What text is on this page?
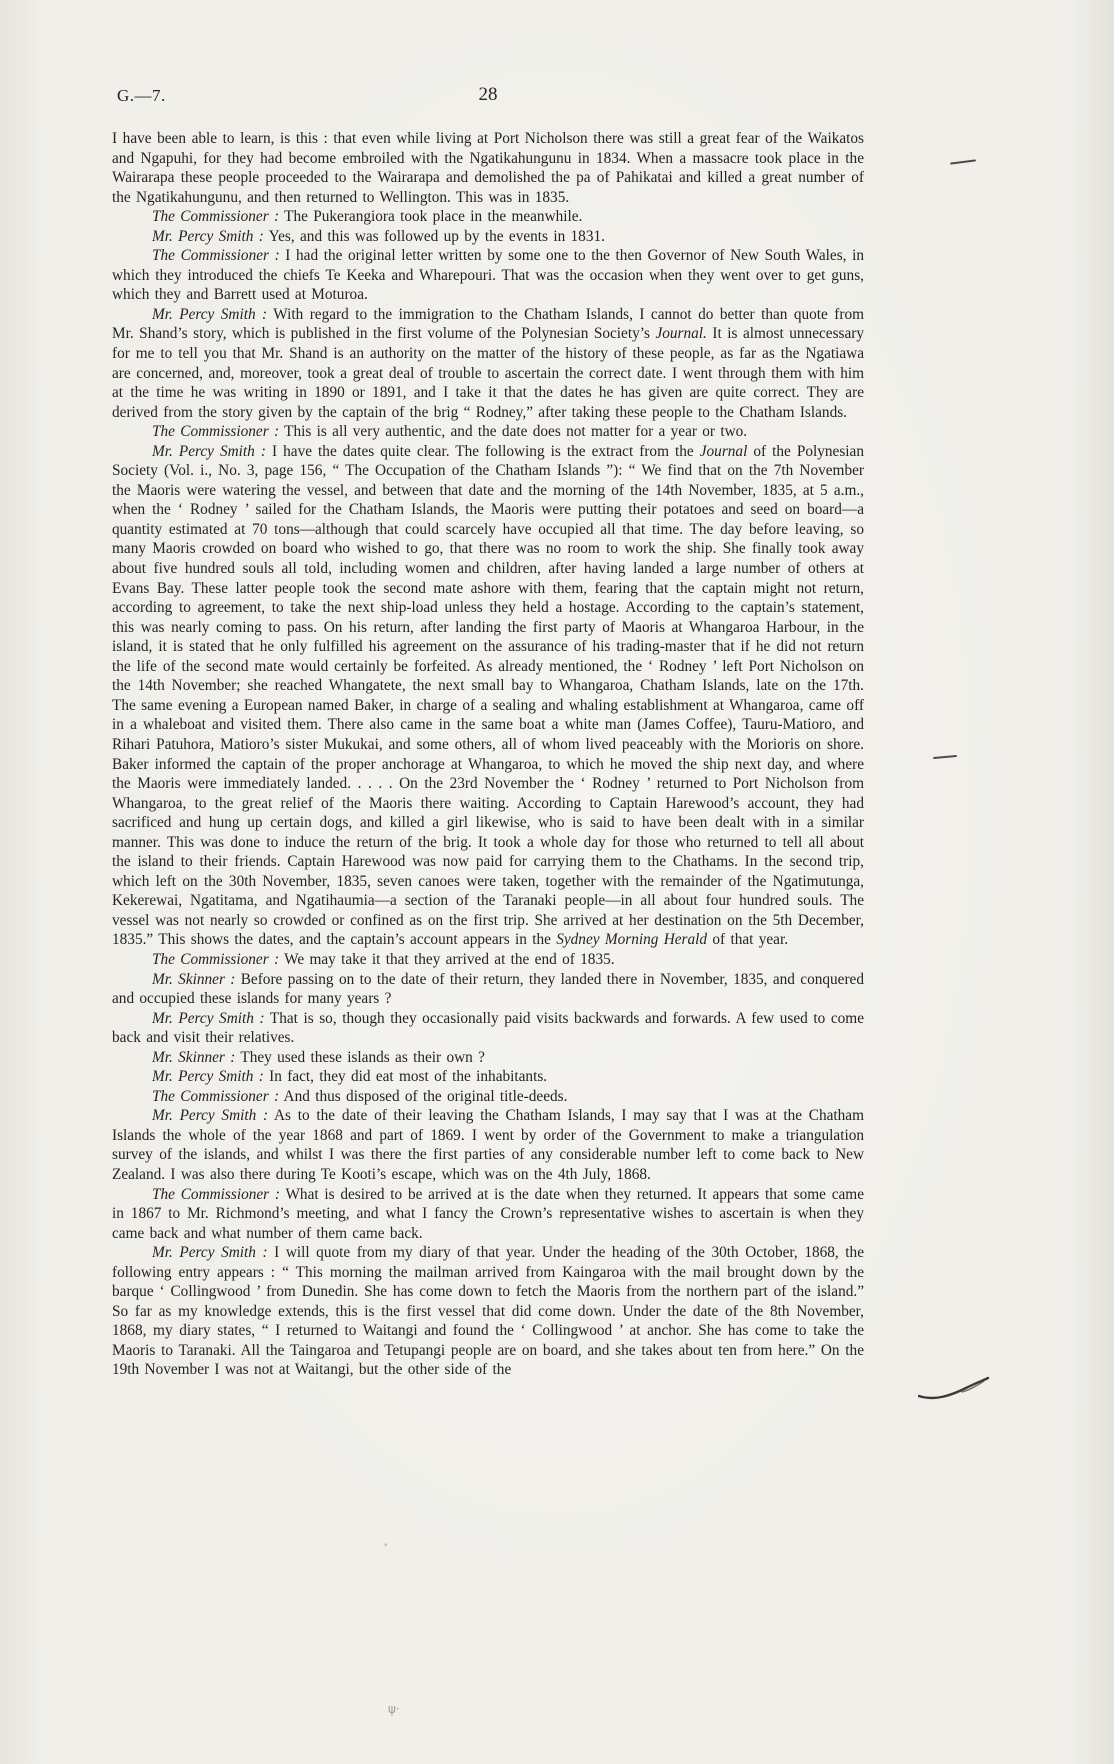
G.—7.	28

I have been able to learn, is this : that even while living at Port Nicholson there was still a great fear of the Waikatos and Ngapuhi, for they had become embroiled with the Ngatikahungunu in 1834. When a massacre took place in the Wairarapa these people proceeded to the Wairarapa and demolished the pa of Pahikatai and killed a great number of the Ngatikahungunu, and then returned to Wellington. This was in 1835.

The Commissioner : The Pukerangiora took place in the meanwhile.

Mr. Percy Smith : Yes, and this was followed up by the events in 1831.

The Commissioner : I had the original letter written by some one to the then Governor of New South Wales, in which they introduced the chiefs Te Keeka and Wharepouri. That was the occasion when they went over to get guns, which they and Barrett used at Moturoa.

Mr. Percy Smith : With regard to the immigration to the Chatham Islands, I cannot do better than quote from Mr. Shand’s story, which is published in the first volume of the Polynesian Society’s Journal. It is almost unnecessary for me to tell you that Mr. Shand is an authority on the matter of the history of these people, as far as the Ngatiawa are concerned, and, moreover, took a great deal of trouble to ascertain the correct date. I went through them with him at the time he was writing in 1890 or 1891, and I take it that the dates he has given are quite correct. They are derived from the story given by the captain of the brig “ Rodney,” after taking these people to the Chatham Islands.

The Commissioner : This is all very authentic, and the date does not matter for a year or two.

Mr. Percy Smith : I have the dates quite clear. The following is the extract from the Journal of the Polynesian Society (Vol. i., No. 3, page 156, “ The Occupation of the Chatham Islands ”): “ We find that on the 7th November the Maoris were watering the vessel, and between that date and the morning of the 14th November, 1835, at 5 a.m., when the ‘ Rodney ’ sailed for the Chatham Islands, the Maoris were putting their potatoes and seed on board—a quantity estimated at 70 tons—although that could scarcely have occupied all that time. The day before leaving, so many Maoris crowded on board who wished to go, that there was no room to work the ship. She finally took away about five hundred souls all told, including women and children, after having landed a large number of others at Evans Bay. These latter people took the second mate ashore with them, fearing that the captain might not return, according to agreement, to take the next ship-load unless they held a hostage. According to the captain’s statement, this was nearly coming to pass. On his return, after landing the first party of Maoris at Whangaroa Harbour, in the island, it is stated that he only fulfilled his agreement on the assurance of his trading-master that if he did not return the life of the second mate would certainly be forfeited. As already mentioned, the ‘ Rodney ’ left Port Nicholson on the 14th November; she reached Whangatete, the next small bay to Whangaroa, Chatham Islands, late on the 17th. The same evening a European named Baker, in charge of a sealing and whaling establishment at Whangaroa, came off in a whaleboat and visited them. There also came in the same boat a white man (James Coffee), Tauru-Matioro, and Rihari Patuhora, Matioro’s sister Mukukai, and some others, all of whom lived peaceably with the Morioris on shore. Baker informed the captain of the proper anchorage at Whangaroa, to which he moved the ship next day, and where the Maoris were immediately landed. . . . . On the 23rd November the ‘ Rodney ’ returned to Port Nicholson from Whangaroa, to the great relief of the Maoris there waiting. According to Captain Harewood’s account, they had sacrificed and hung up certain dogs, and killed a girl likewise, who is said to have been dealt with in a similar manner. This was done to induce the return of the brig. It took a whole day for those who returned to tell all about the island to their friends. Captain Harewood was now paid for carrying them to the Chathams. In the second trip, which left on the 30th November, 1835, seven canoes were taken, together with the remainder of the Ngatimutunga, Kekerewai, Ngatitama, and Ngatihaumia—a section of the Taranaki people—in all about four hundred souls. The vessel was not nearly so crowded or confined as on the first trip. She arrived at her destination on the 5th December, 1835.” This shows the dates, and the captain’s account appears in the Sydney Morning Herald of that year.

The Commissioner : We may take it that they arrived at the end of 1835.

Mr. Skinner : Before passing on to the date of their return, they landed there in November, 1835, and conquered and occupied these islands for many years ?

Mr. Percy Smith : That is so, though they occasionally paid visits backwards and forwards. A few used to come back and visit their relatives.

Mr. Skinner : They used these islands as their own ?

Mr. Percy Smith : In fact, they did eat most of the inhabitants.

The Commissioner : And thus disposed of the original title-deeds.

Mr. Percy Smith : As to the date of their leaving the Chatham Islands, I may say that I was at the Chatham Islands the whole of the year 1868 and part of 1869. I went by order of the Government to make a triangulation survey of the islands, and whilst I was there the first parties of any considerable number left to come back to New Zealand. I was also there during Te Kooti’s escape, which was on the 4th July, 1868.

The Commissioner : What is desired to be arrived at is the date when they returned. It appears that some came in 1867 to Mr. Richmond’s meeting, and what I fancy the Crown’s representative wishes to ascertain is when they came back and what number of them came back.

Mr. Percy Smith : I will quote from my diary of that year. Under the heading of the 30th October, 1868, the following entry appears : “ This morning the mailman arrived from Kaingaroa with the mail brought down by the barque ‘ Collingwood ’ from Dunedin. She has come down to fetch the Maoris from the northern part of the island.” So far as my knowledge extends, this is the first vessel that did come down. Under the date of the 8th November, 1868, my diary states, “ I returned to Waitangi and found the ‘ Collingwood ’ at anchor. She has come to take the Maoris to Taranaki. All the Taingaroa and Tetupangi people are on board, and she takes about ten from here.” On the 19th November I was not at Waitangi, but the other side of the

˅
ψ·
